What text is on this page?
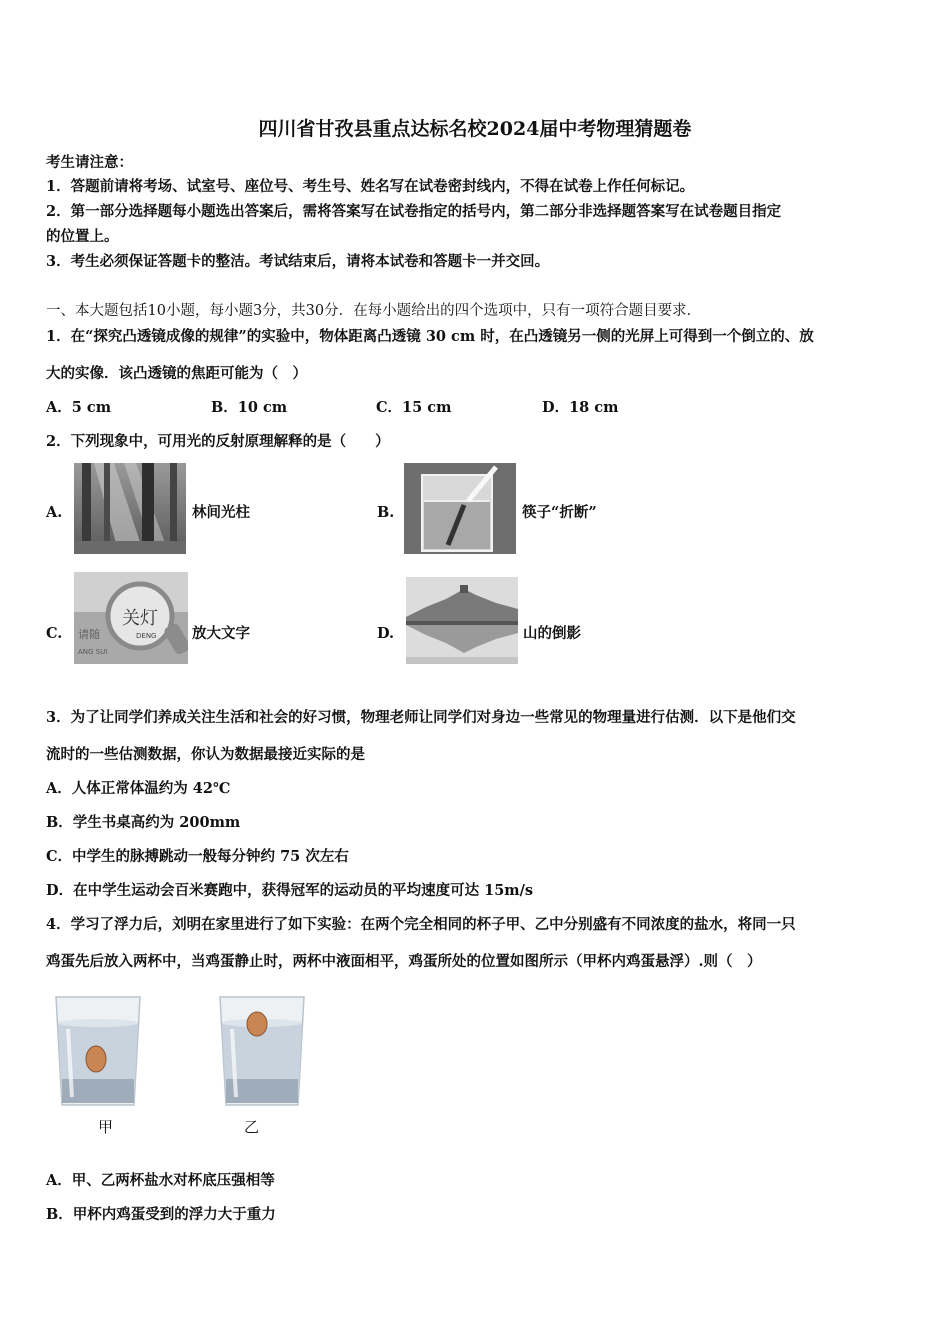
四川省甘孜县重点达标名校2024届中考物理猜题卷
考生请注意：
1．答题前请将考场、试室号、座位号、考生号、姓名写在试卷密封线内，不得在试卷上作任何标记。
2．第一部分选择题每小题选出答案后，需将答案写在试卷指定的括号内，第二部分非选择题答案写在试卷题目指定
的位置上。
3．考生必须保证答题卡的整洁。考试结束后，请将本试卷和答题卡一并交回。
一、本大题包括10小题，每小题3分，共30分．在每小题给出的四个选项中，只有一项符合题目要求．
1．在“探究凸透镜成像的规律”的实验中，物体距离凸透镜 30 cm 时，在凸透镜另一侧的光屏上可得到一个倒立的、放
大的实像．该凸透镜的焦距可能为（　）
A．5 cm	B．10 cm	C．15 cm	D．18 cm
2．下列现象中，可用光的反射原理解释的是（　　）
A.	林间光柱	B.	筷子“折断”
C. 请随
关灯
ANG SUI
DENG 放大文字	D.	山的倒影
3．为了让同学们养成关注生活和社会的好习惯，物理老师让同学们对身边一些常见的物理量进行估测．以下是他们交
流时的一些估测数据，你认为数据最接近实际的是
A．人体正常体温约为 42℃
B．学生书桌高约为 200mm
C．中学生的脉搏跳动一般每分钟约 75 次左右
D．在中学生运动会百米赛跑中，获得冠军的运动员的平均速度可达 15m/s
4．学习了浮力后，刘明在家里进行了如下实验：在两个完全相同的杯子甲、乙中分别盛有不同浓度的盐水，将同一只
鸡蛋先后放入两杯中，当鸡蛋静止时，两杯中液面相平，鸡蛋所处的位置如图所示（甲杯内鸡蛋悬浮）.则（　）
甲	乙
A．甲、乙两杯盐水对杯底压强相等
B．甲杯内鸡蛋受到的浮力大于重力
